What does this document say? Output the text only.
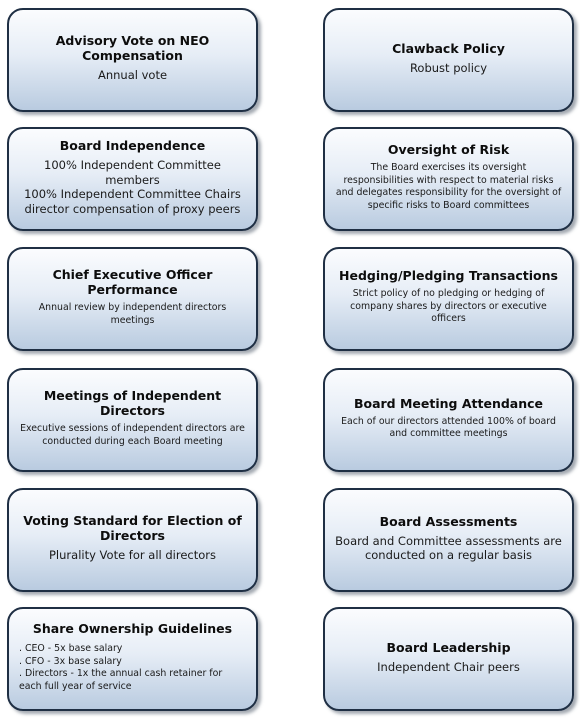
Advisory Vote on NEO Compensation
Annual vote
Clawback Policy
Robust policy
Board Independence
100% Independent Committee members
100% Independent Committee Chairs
director compensation of proxy peers
Oversight of Risk
The Board exercises its oversight responsibilities with respect to material risks and delegates responsibility for the oversight of specific risks to Board committees
Chief Executive Officer Performance
Annual review by independent directors meetings
Hedging/Pledging Transactions
Strict policy of no pledging or hedging of company shares by directors or executive officers
Meetings of Independent Directors
Executive sessions of independent directors are conducted during each Board meeting
Board Meeting Attendance
Each of our directors attended 100% of board and committee meetings
Voting Standard for Election of Directors
Plurality Vote for all directors
Board Assessments
Board and Committee assessments are conducted on a regular basis
Share Ownership Guidelines
. CEO - 5x base salary
. CFO - 3x base salary
. Directors - 1x the annual cash retainer for each full year of service
Board Leadership
Independent Chair peers
